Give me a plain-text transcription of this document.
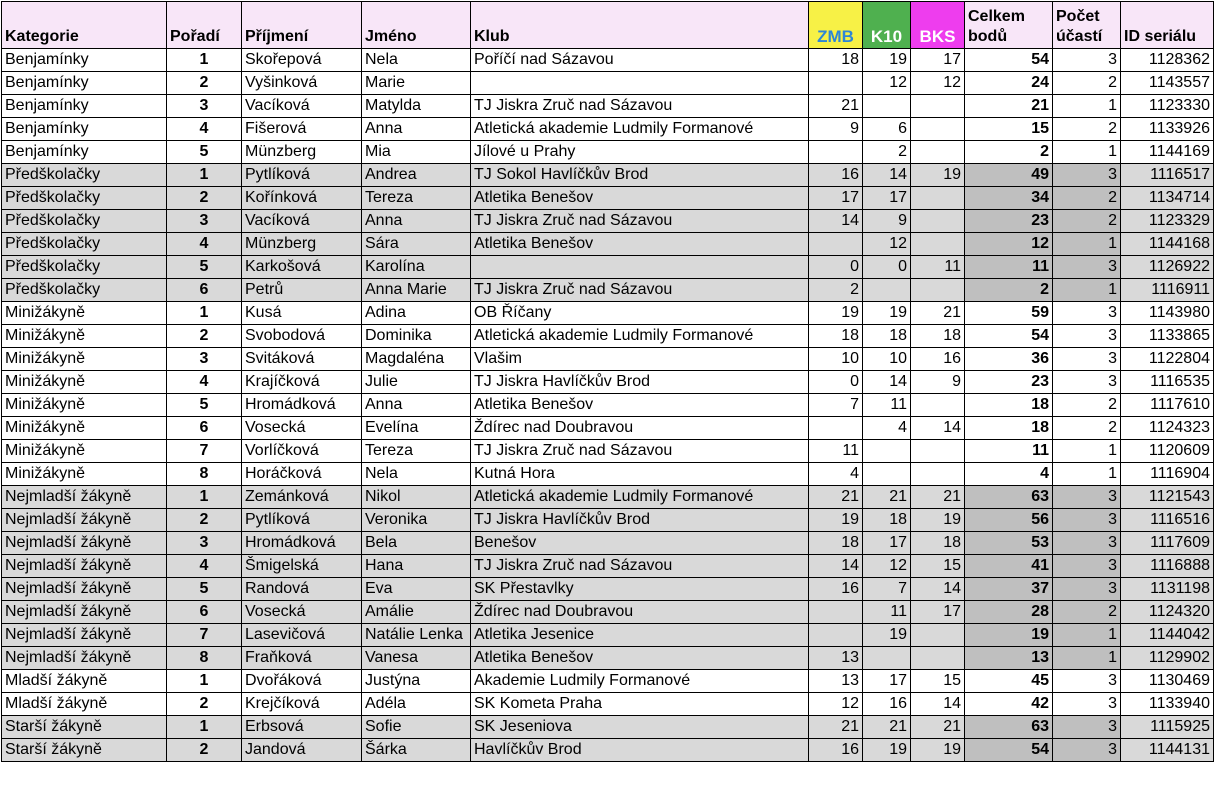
Kategorie	Pořadí	Příjmení	Jméno	Klub	ZMB	K10	BKS	Celkem bodů	Počet účastí	ID seriálu
Benjamínky	1	Skořepová	Nela	Poříčí nad Sázavou	18	19	17	54	3	1128362
Benjamínky	2	Vyšinková	Marie			12	12	24	2	1143557
Benjamínky	3	Vacíková	Matylda	TJ Jiskra Zruč nad Sázavou	21			21	1	1123330
Benjamínky	4	Fišerová	Anna	Atletická akademie Ludmily Formanové	9	6		15	2	1133926
Benjamínky	5	Münzberg	Mia	Jílové u Prahy		2		2	1	1144169
Předškolačky	1	Pytlíková	Andrea	TJ Sokol Havlíčkův Brod	16	14	19	49	3	1116517
Předškolačky	2	Kořínková	Tereza	Atletika Benešov	17	17		34	2	1134714
Předškolačky	3	Vacíková	Anna	TJ Jiskra Zruč nad Sázavou	14	9		23	2	1123329
Předškolačky	4	Münzberg	Sára	Atletika Benešov		12		12	1	1144168
Předškolačky	5	Karkošová	Karolína		0	0	11	11	3	1126922
Předškolačky	6	Petrů	Anna Marie	TJ Jiskra Zruč nad Sázavou	2			2	1	1116911
Minižákyně	1	Kusá	Adina	OB Říčany	19	19	21	59	3	1143980
Minižákyně	2	Svobodová	Dominika	Atletická akademie Ludmily Formanové	18	18	18	54	3	1133865
Minižákyně	3	Svitáková	Magdaléna	Vlašim	10	10	16	36	3	1122804
Minižákyně	4	Krajíčková	Julie	TJ Jiskra Havlíčkův Brod	0	14	9	23	3	1116535
Minižákyně	5	Hromádková	Anna	Atletika Benešov	7	11		18	2	1117610
Minižákyně	6	Vosecká	Evelína	Ždírec nad Doubravou		4	14	18	2	1124323
Minižákyně	7	Vorlíčková	Tereza	TJ Jiskra Zruč nad Sázavou	11			11	1	1120609
Minižákyně	8	Horáčková	Nela	Kutná Hora	4			4	1	1116904
Nejmladší žákyně	1	Zemánková	Nikol	Atletická akademie Ludmily Formanové	21	21	21	63	3	1121543
Nejmladší žákyně	2	Pytlíková	Veronika	TJ Jiskra Havlíčkův Brod	19	18	19	56	3	1116516
Nejmladší žákyně	3	Hromádková	Bela	Benešov	18	17	18	53	3	1117609
Nejmladší žákyně	4	Šmigelská	Hana	TJ Jiskra Zruč nad Sázavou	14	12	15	41	3	1116888
Nejmladší žákyně	5	Randová	Eva	SK Přestavlky	16	7	14	37	3	1131198
Nejmladší žákyně	6	Vosecká	Amálie	Ždírec nad Doubravou		11	17	28	2	1124320
Nejmladší žákyně	7	Lasevičová	Natálie Lenka	Atletika Jesenice		19		19	1	1144042
Nejmladší žákyně	8	Fraňková	Vanesa	Atletika Benešov	13			13	1	1129902
Mladší žákyně	1	Dvořáková	Justýna	Akademie Ludmily Formanové	13	17	15	45	3	1130469
Mladší žákyně	2	Krejčíková	Adéla	SK Kometa Praha	12	16	14	42	3	1133940
Starší žákyně	1	Erbsová	Sofie	SK Jeseniova	21	21	21	63	3	1115925
Starší žákyně	2	Jandová	Šárka	Havlíčkův Brod	16	19	19	54	3	1144131
